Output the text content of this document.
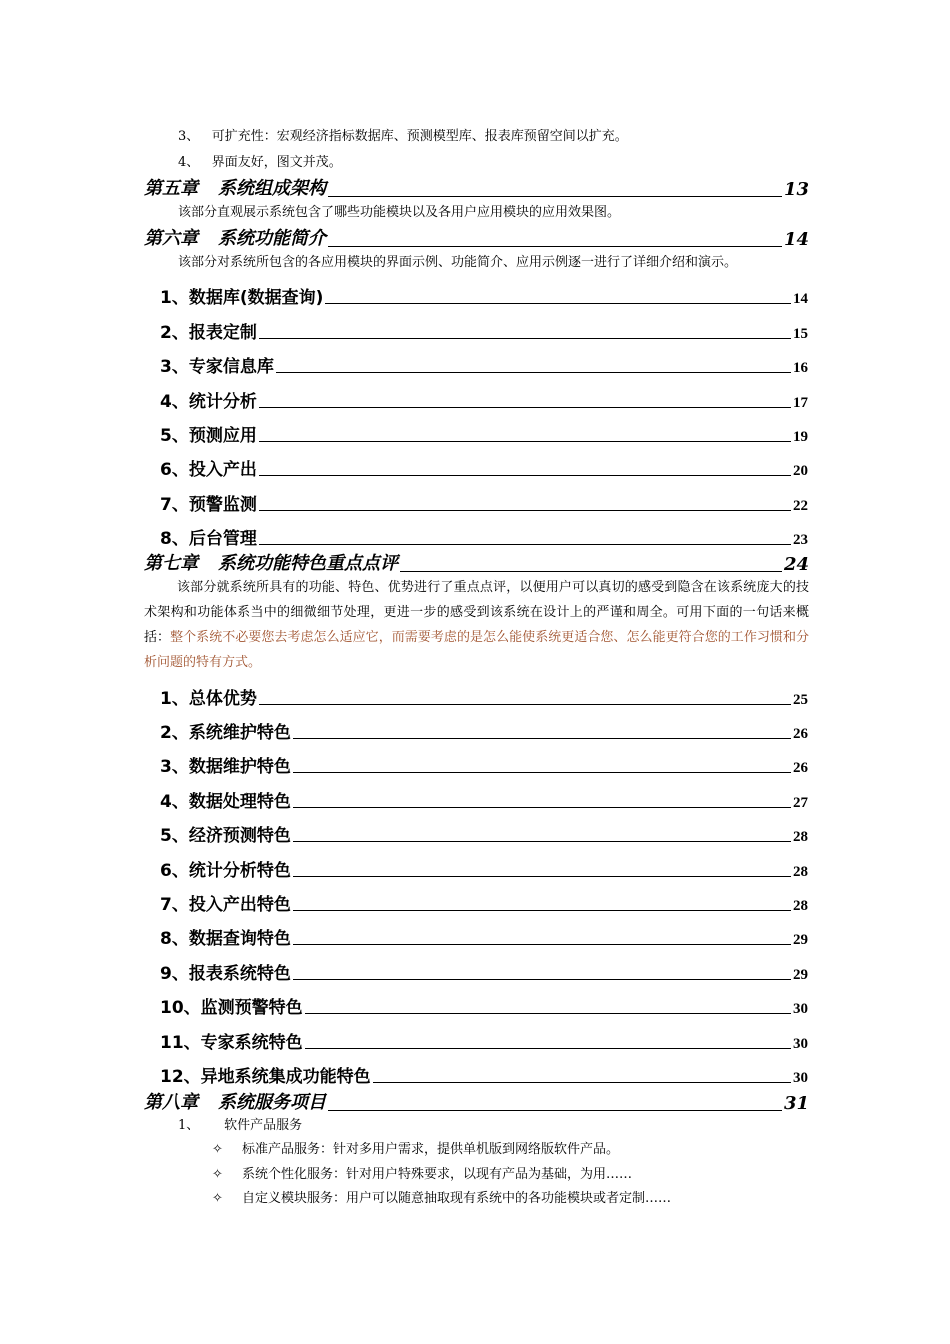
3、 可扩充性：宏观经济指标数据库、预测模型库、报表库预留空间以扩充。
4、 界面友好，图文并茂。
第五章 系统组成架构	13
该部分直观展示系统包含了哪些功能模块以及各用户应用模块的应用效果图。
第六章 系统功能简介	14
该部分对系统所包含的各应用模块的界面示例、功能简介、应用示例逐一进行了详细介绍和演示。
1、数据库(数据查询)	14
2、报表定制	15
3、专家信息库	16
4、统计分析	17
5、预测应用	19
6、投入产出	20
7、预警监测	22
8、后台管理	23
第七章 系统功能特色重点点评	24
该部分就系统所具有的功能、特色、优势进行了重点点评，以便用户可以真切的感受到隐含在该系统庞大的技术架构和功能体系当中的细微细节处理，更进一步的感受到该系统在设计上的严谨和周全。可用下面的一句话来概括：整个系统不必要您去考虑怎么适应它，而需要考虑的是怎么能使系统更适合您、怎么能更符合您的工作习惯和分析问题的特有方式。
1、总体优势	25
2、系统维护特色	26
3、数据维护特色	26
4、数据处理特色	27
5、经济预测特色	28
6、统计分析特色	28
7、投入产出特色	28
8、数据查询特色	29
9、报表系统特色	29
10、监测预警特色	30
11、专家系统特色	30
12、异地系统集成功能特色	30
第八章 系统服务项目	31
1、 软件产品服务
✧ 标准产品服务：针对多用户需求，提供单机版到网络版软件产品。
✧ 系统个性化服务：针对用户特殊要求，以现有产品为基础，为用……
✧ 自定义模块服务：用户可以随意抽取现有系统中的各功能模块或者定制……
